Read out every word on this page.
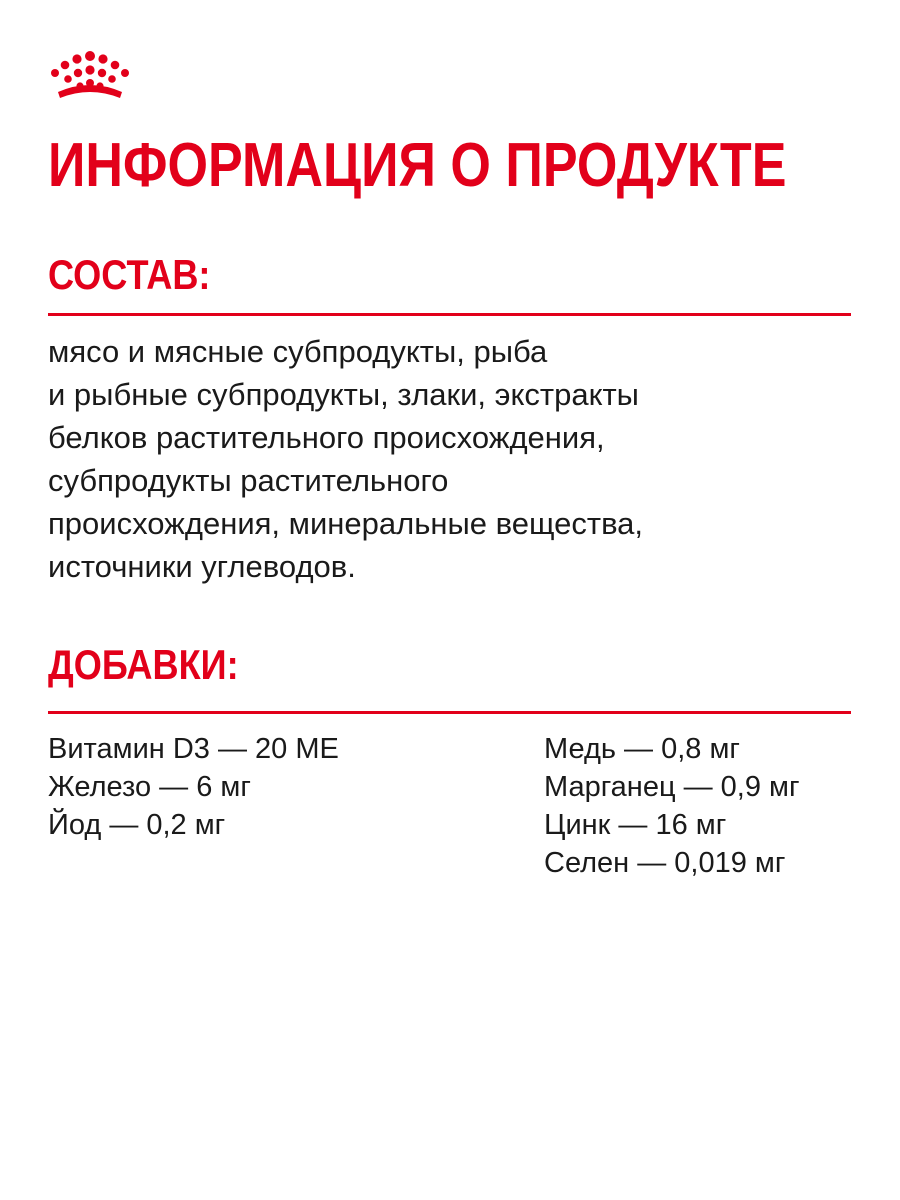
ИНФОРМАЦИЯ О ПРОДУКТЕ
СОСТАВ:
мясо и мясные субпродукты, рыба
и рыбные субпродукты, злаки, экстракты
белков растительного происхождения,
субпродукты растительного
происхождения, минеральные вещества,
источники углеводов.
ДОБАВКИ:
Витамин D3 — 20 МЕ
Железо — 6 мг
Йод — 0,2 мг
Медь — 0,8 мг
Марганец — 0,9 мг
Цинк — 16 мг
Селен — 0,019 мг
